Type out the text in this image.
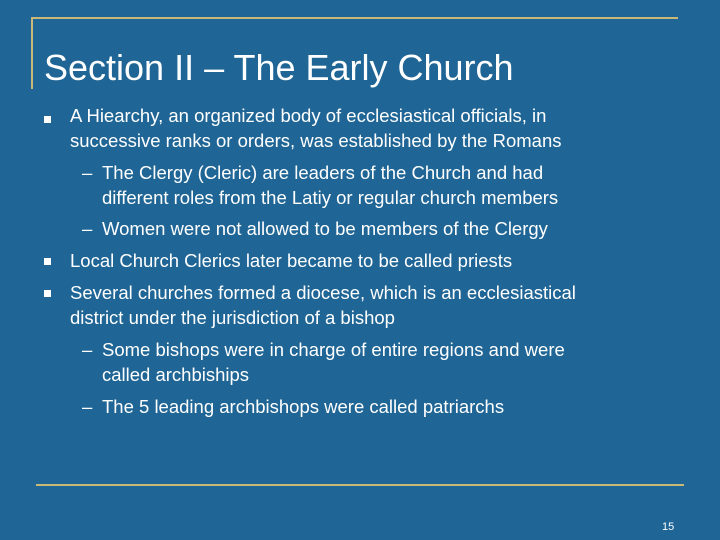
Section II – The Early Church
A Hiearchy, an organized body of ecclesiastical officials, in
successive ranks or orders, was established by the Romans
– The Clergy (Cleric) are leaders of the Church and had
different roles from the Latiy or regular church members
– Women were not allowed to be members of the Clergy
Local Church Clerics later became to be called priests
Several churches formed a diocese, which is an ecclesiastical
district under the jurisdiction of a bishop
– Some bishops were in charge of entire regions and were
called archbiships
– The 5 leading archbishops were called patriarchs
15
